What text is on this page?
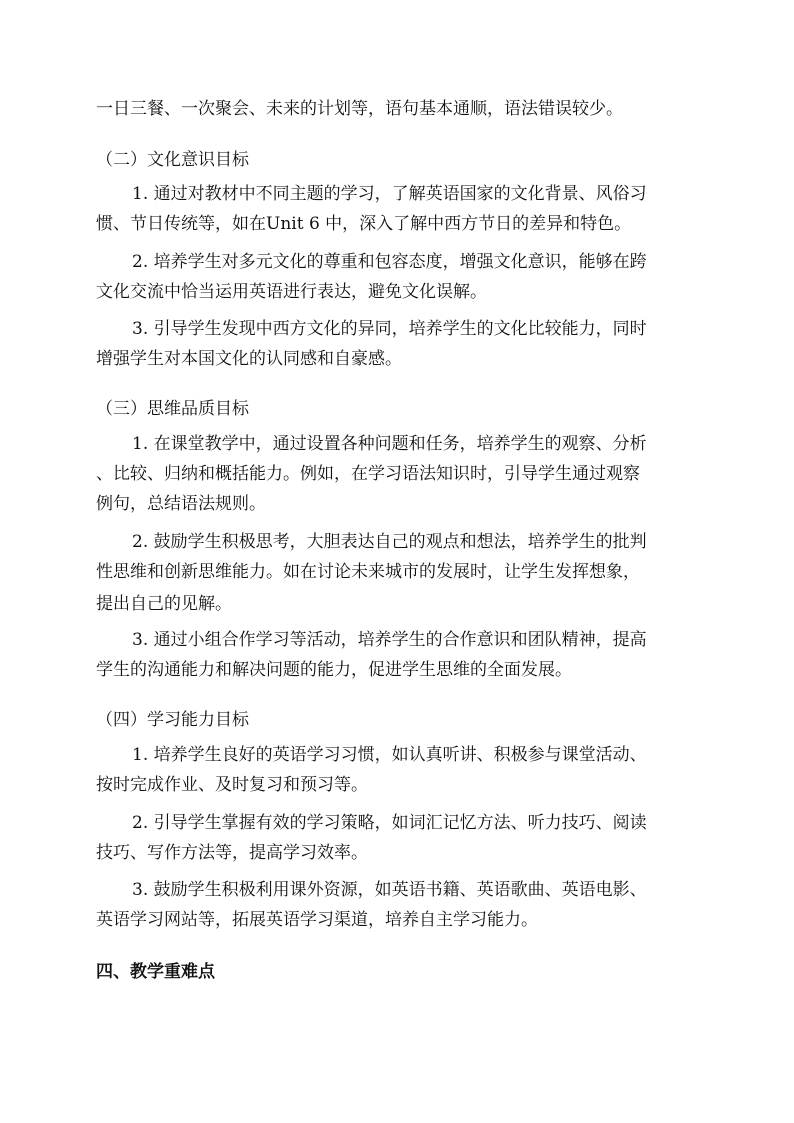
一日三餐、一次聚会、未来的计划等，语句基本通顺，语法错误较少。
（二）文化意识目标
1. 通过对教材中不同主题的学习，了解英语国家的文化背景、风俗习
惯、节日传统等，如在Unit 6 中，深入了解中西方节日的差异和特色。
2. 培养学生对多元文化的尊重和包容态度，增强文化意识，能够在跨
文化交流中恰当运用英语进行表达，避免文化误解。
3. 引导学生发现中西方文化的异同，培养学生的文化比较能力，同时
增强学生对本国文化的认同感和自豪感。
（三）思维品质目标
1. 在课堂教学中，通过设置各种问题和任务，培养学生的观察、分析
、比较、归纳和概括能力。例如，在学习语法知识时，引导学生通过观察
例句，总结语法规则。
2. 鼓励学生积极思考，大胆表达自己的观点和想法，培养学生的批判
性思维和创新思维能力。如在讨论未来城市的发展时，让学生发挥想象，
提出自己的见解。
3. 通过小组合作学习等活动，培养学生的合作意识和团队精神，提高
学生的沟通能力和解决问题的能力，促进学生思维的全面发展。
（四）学习能力目标
1. 培养学生良好的英语学习习惯，如认真听讲、积极参与课堂活动、
按时完成作业、及时复习和预习等。
2. 引导学生掌握有效的学习策略，如词汇记忆方法、听力技巧、阅读
技巧、写作方法等，提高学习效率。
3. 鼓励学生积极利用课外资源，如英语书籍、英语歌曲、英语电影、
英语学习网站等，拓展英语学习渠道，培养自主学习能力。
四、教学重难点
